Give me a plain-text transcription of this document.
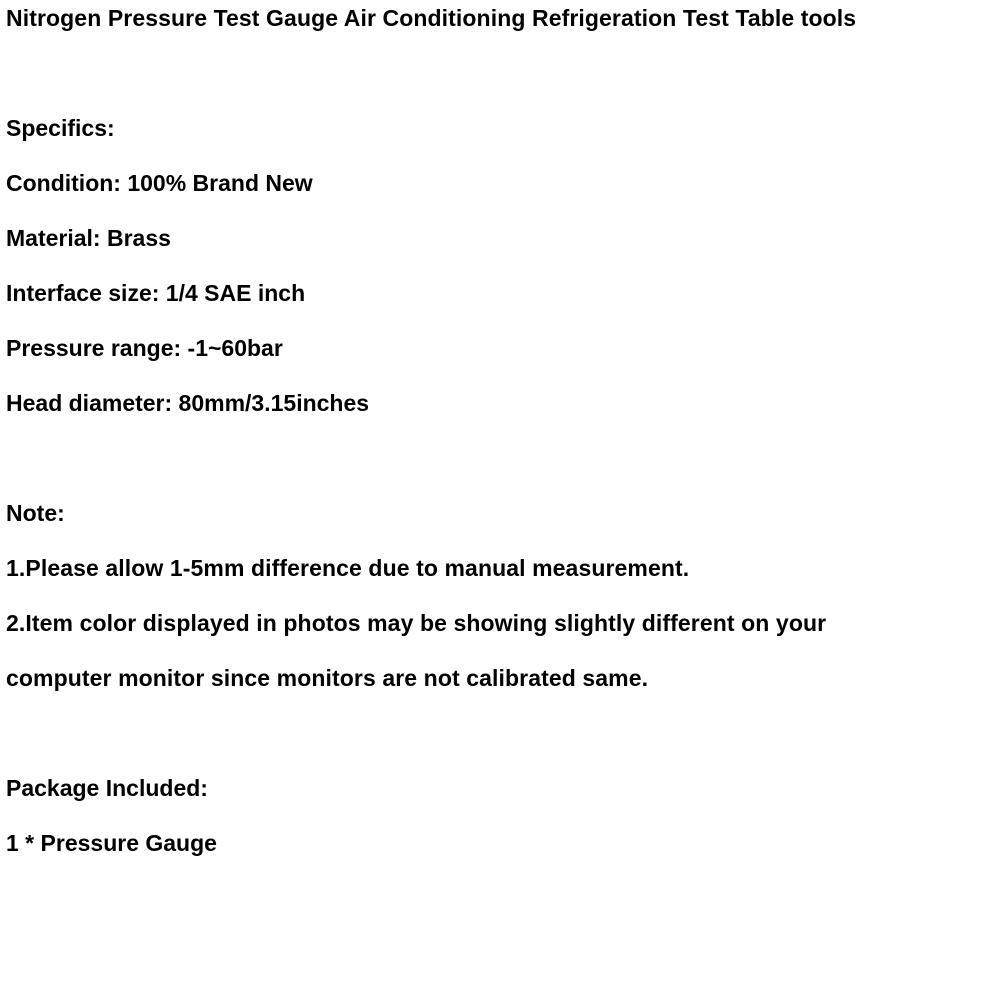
Nitrogen Pressure Test Gauge Air Conditioning Refrigeration Test Table tools
Specifics:
Condition: 100% Brand New
Material: Brass
Interface size: 1/4 SAE inch
Pressure range: -1~60bar
Head diameter: 80mm/3.15inches
Note:
1.Please allow 1-5mm difference due to manual measurement.
2.Item color displayed in photos may be showing slightly different on your
computer monitor since monitors are not calibrated same.
Package Included:
1 * Pressure Gauge
